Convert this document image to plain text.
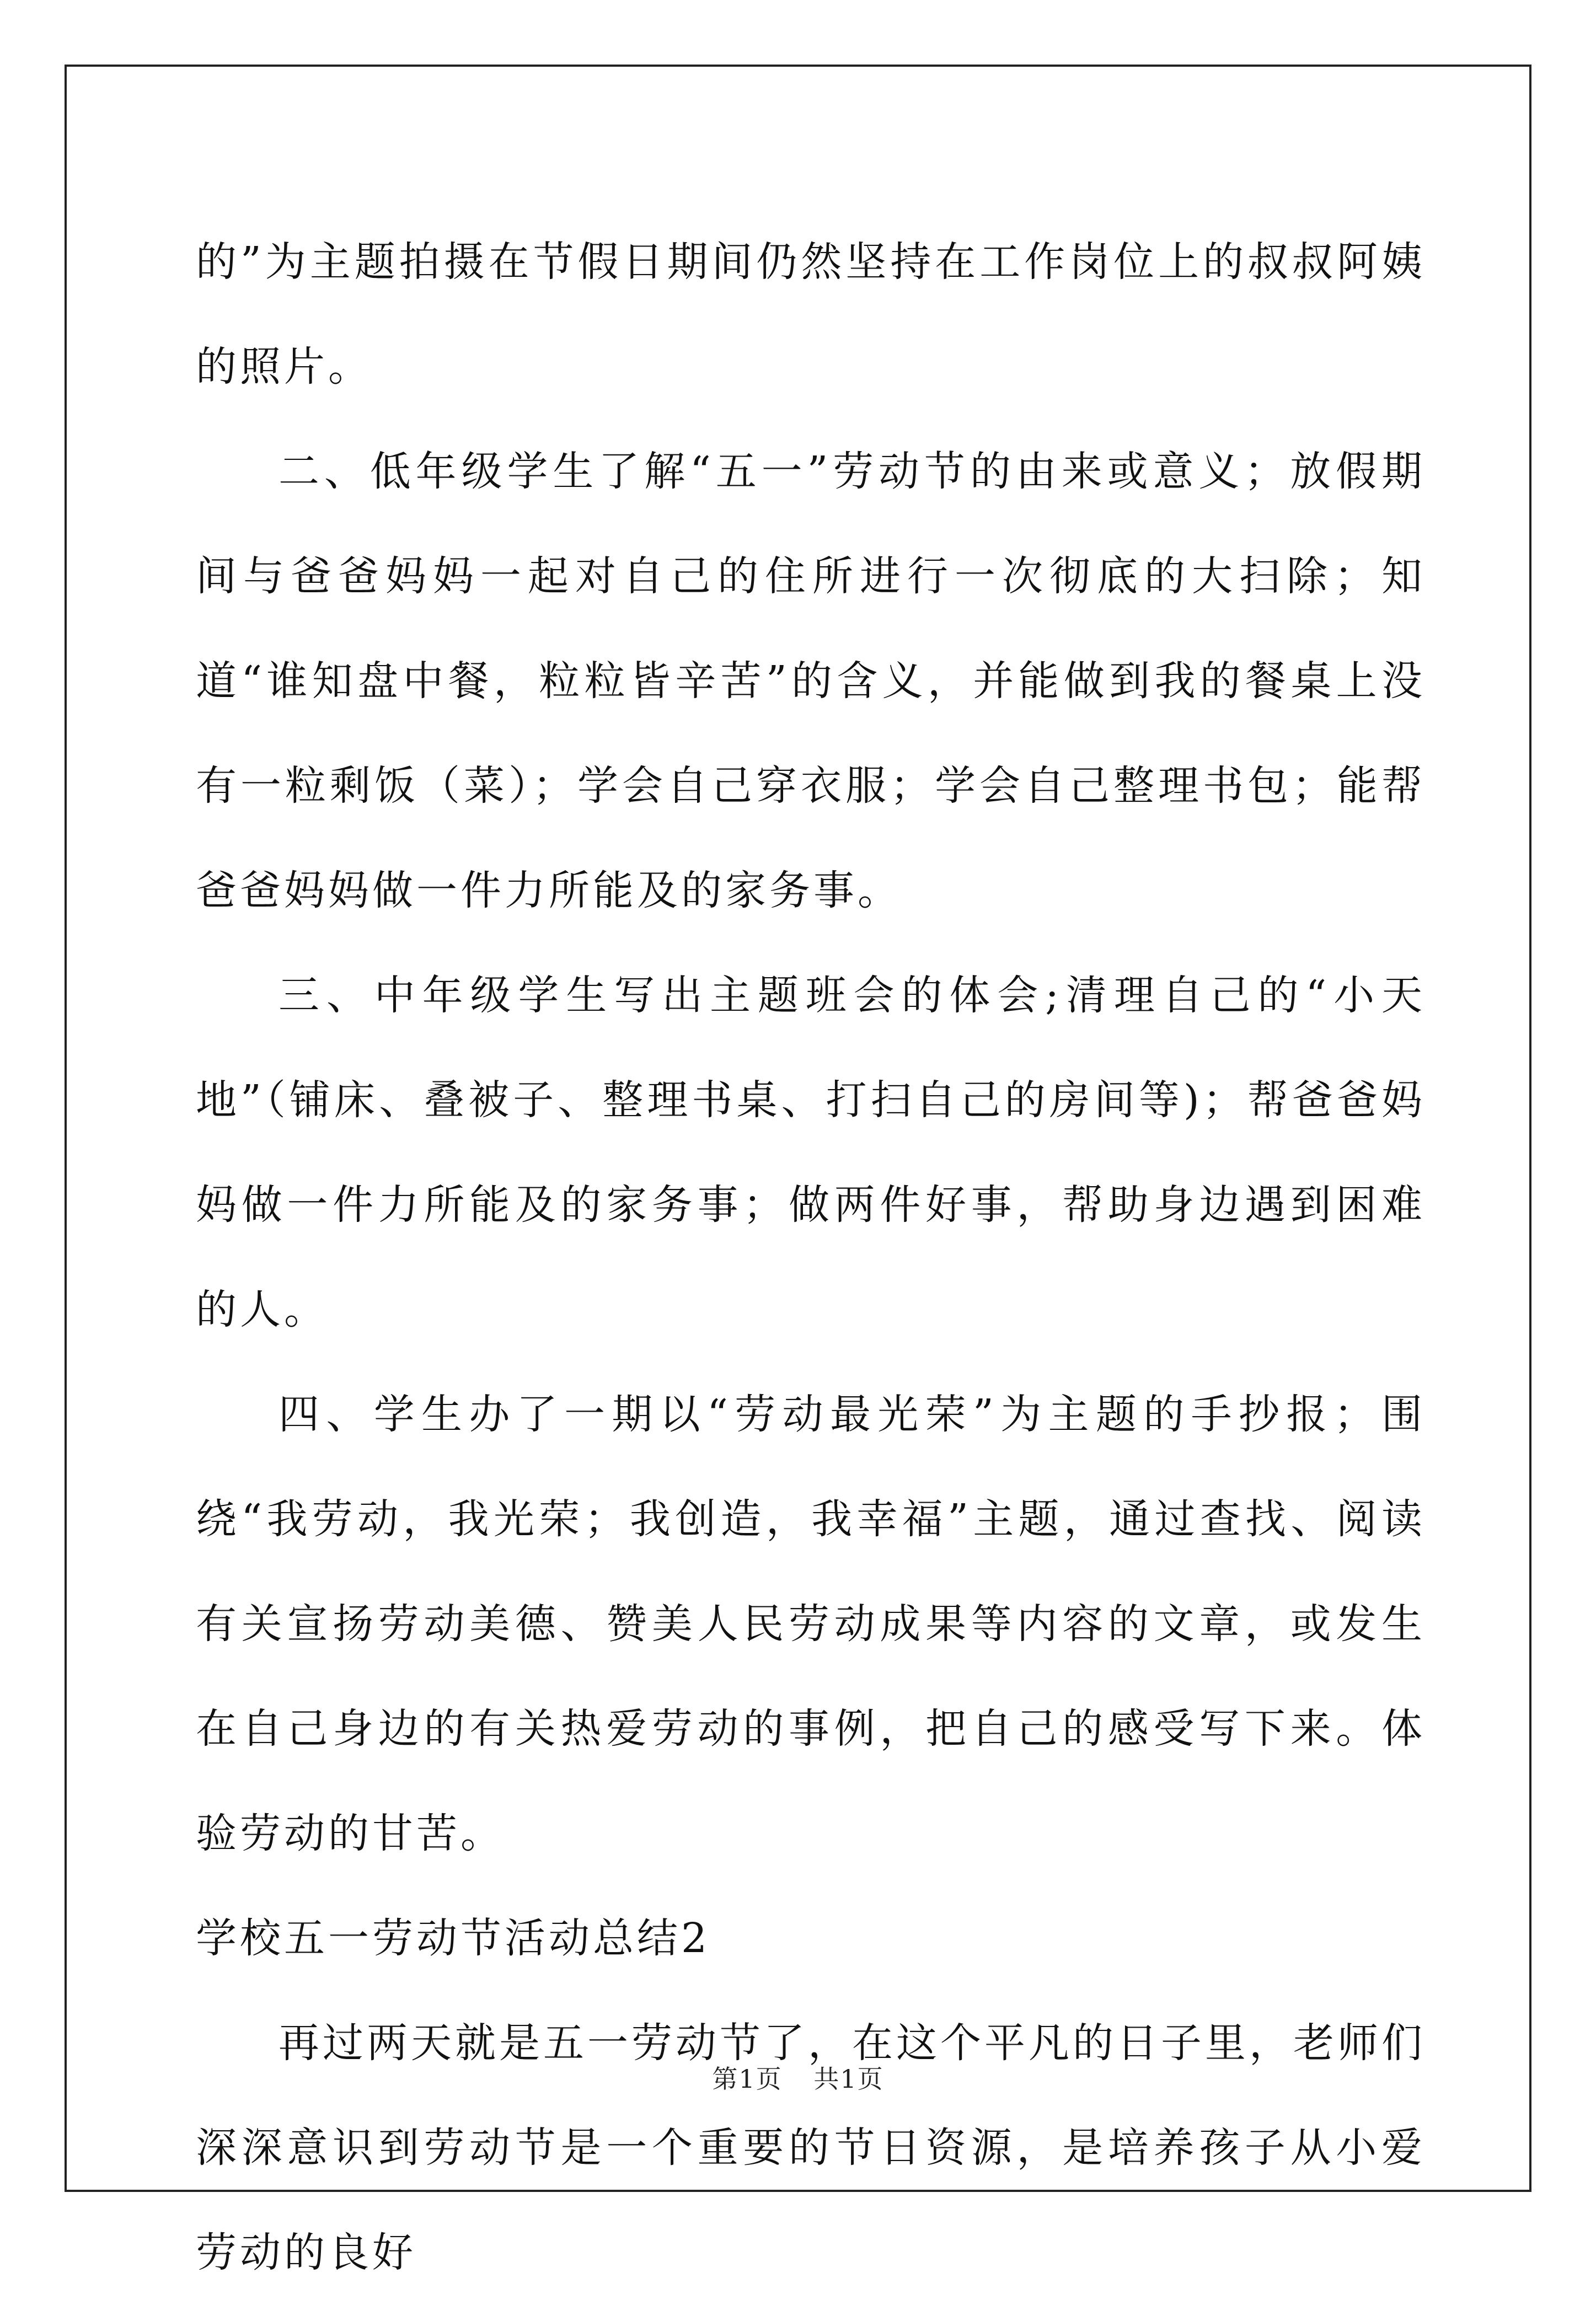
的”为主题拍摄在节假日期间仍然坚持在工作岗位上的叔叔阿姨的照片。

二、低年级学生了解“五一”劳动节的由来或意义；放假期间与爸爸妈妈一起对自己的住所进行一次彻底的大扫除；知道“谁知盘中餐，粒粒皆辛苦”的含义，并能做到我的餐桌上没有一粒剩饭（菜）；学会自己穿衣服；学会自己整理书包；能帮爸爸妈妈做一件力所能及的家务事。

三、中年级学生写出主题班会的体会;清理自己的“小天地”（铺床、叠被子、整理书桌、打扫自己的房间等)；帮爸爸妈妈做一件力所能及的家务事；做两件好事，帮助身边遇到困难的人。

四、学生办了一期以“劳动最光荣”为主题的手抄报；围绕“我劳动，我光荣；我创造，我幸福”主题，通过查找、阅读有关宣扬劳动美德、赞美人民劳动成果等内容的文章，或发生在自己身边的有关热爱劳动的事例，把自己的感受写下来。体验劳动的甘苦。

学校五一劳动节活动总结2

再过两天就是五一劳动节了，在这个平凡的日子里，老师们深深意识到劳动节是一个重要的节日资源，是培养孩子从小爱劳动的良好

第1页 共1页
